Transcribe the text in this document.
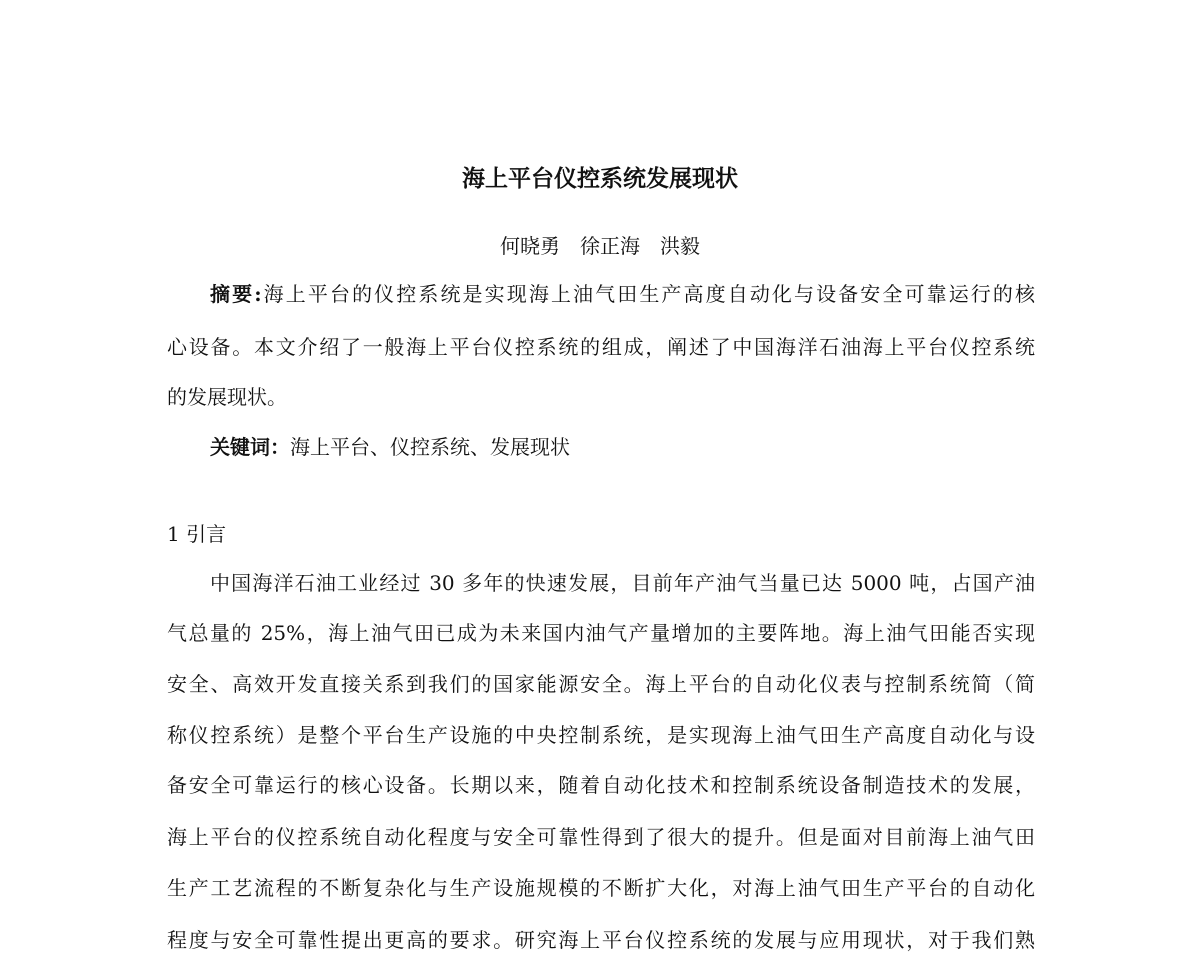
海上平台仪控系统发展现状
何晓勇　徐正海　洪毅
摘要:海上平台的仪控系统是实现海上油气田生产高度自动化与设备安全可靠运行的核
心设备。本文介绍了一般海上平台仪控系统的组成，阐述了中国海洋石油海上平台仪控系统
的发展现状。
关键词：海上平台、仪控系统、发展现状
1 引言
中国海洋石油工业经过 30 多年的快速发展，目前年产油气当量已达 5000 吨，占国产油
气总量的 25%，海上油气田已成为未来国内油气产量增加的主要阵地。海上油气田能否实现
安全、高效开发直接关系到我们的国家能源安全。海上平台的自动化仪表与控制系统简（简
称仪控系统）是整个平台生产设施的中央控制系统，是实现海上油气田生产高度自动化与设
备安全可靠运行的核心设备。长期以来，随着自动化技术和控制系统设备制造技术的发展，
海上平台的仪控系统自动化程度与安全可靠性得到了很大的提升。但是面对目前海上油气田
生产工艺流程的不断复杂化与生产设施规模的不断扩大化，对海上油气田生产平台的自动化
程度与安全可靠性提出更高的要求。研究海上平台仪控系统的发展与应用现状，对于我们熟
